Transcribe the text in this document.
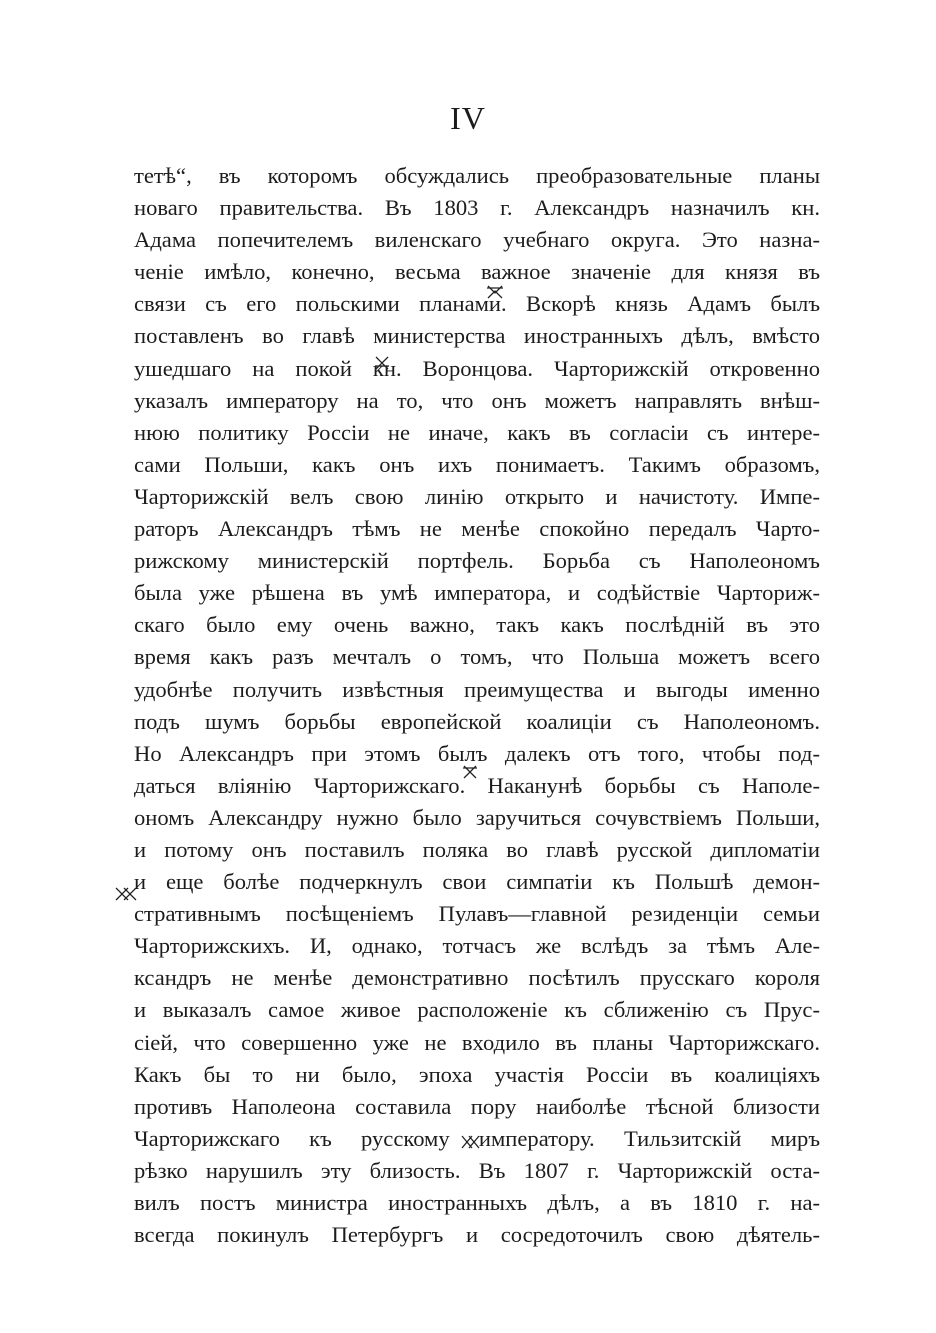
IV
тетѣ“, въ которомъ обсуждались преобразовательные планы
новаго правительства. Въ 1803 г. Александръ назначилъ кн.
Адама попечителемъ виленскаго учебнаго округа. Это назна-
ченіе имѣло, конечно, весьма важное значеніе для князя въ
связи съ его польскими планами. Вскорѣ князь Адамъ былъ
поставленъ во главѣ министерства иностранныхъ дѣлъ, вмѣсто
ушедшаго на покой кн. Воронцова. Чарторижскій откровенно
указалъ императору на то, что онъ можетъ направлять внѣш-
нюю политику Россіи не иначе, какъ въ согласіи съ интере-
сами Польши, какъ онъ ихъ понимаетъ. Такимъ образомъ,
Чарторижскій велъ свою линію открыто и начистоту. Импе-
раторъ Александръ тѣмъ не менѣе спокойно передалъ Чарто-
рижскому министерскій портфель. Борьба съ Наполеономъ
была уже рѣшена въ умѣ императора, и содѣйствіе Чарториж-
скаго было ему очень важно, такъ какъ послѣдній въ это
время какъ разъ мечталъ о томъ, что Польша можетъ всего
удобнѣе получить извѣстныя преимущества и выгоды именно
подъ шумъ борьбы европейской коалиціи съ Наполеономъ.
Но Александръ при этомъ былъ далекъ отъ того, чтобы под-
даться вліянію Чарторижскаго. Наканунѣ борьбы съ Наполе-
ономъ Александру нужно было заручиться сочувствіемъ Польши,
и потому онъ поставилъ поляка во главѣ русской дипломатіи
и еще болѣе подчеркнулъ свои симпатіи къ Польшѣ демон-
стративнымъ посѣщеніемъ Пулавъ—главной резиденціи семьи
Чарторижскихъ. И, однако, тотчасъ же вслѣдъ за тѣмъ Але-
ксандръ не менѣе демонстративно посѣтилъ прусскаго короля
и выказалъ самое живое расположеніе къ сближенію съ Прус-
сіей, что совершенно уже не входило въ планы Чарторижскаго.
Какъ бы то ни было, эпоха участія Россіи въ коалиціяхъ
противъ Наполеона составила пору наиболѣе тѣсной близости
Чарторижскаго къ русскому императору. Тильзитскій миръ
рѣзко нарушилъ эту близость. Въ 1807 г. Чарторижскій оста-
вилъ постъ министра иностранныхъ дѣлъ, а въ 1810 г. на-
всегда покинулъ Петербургъ и сосредоточилъ свою дѣятель-
